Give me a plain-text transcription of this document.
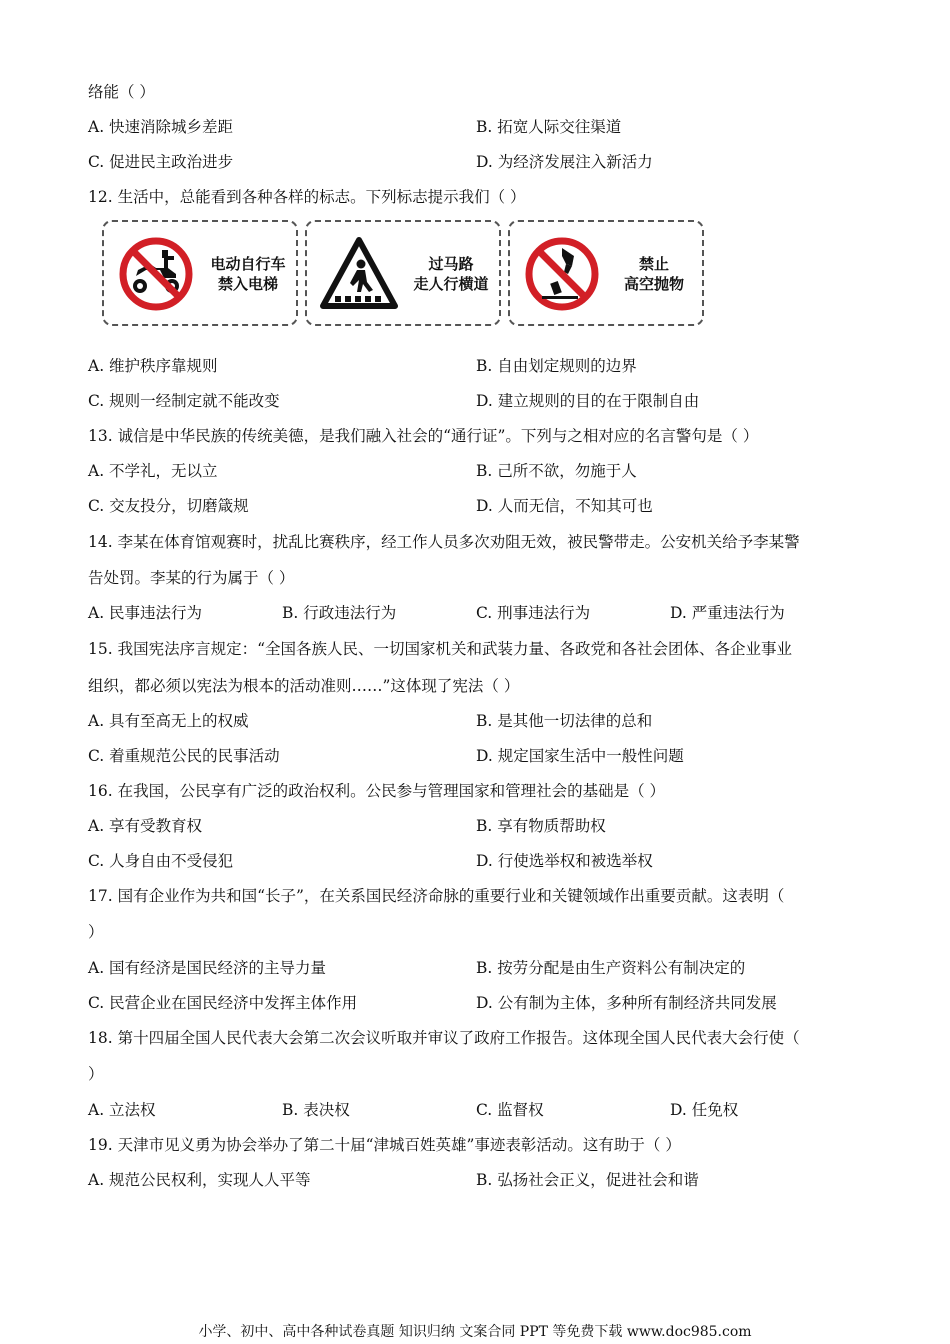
络能（ ）
A. 快速消除城乡差距	B. 拓宽人际交往渠道
C. 促进民主政治进步	D. 为经济发展注入新活力
12. 生活中，总能看到各种各样的标志。下列标志提示我们（ ）
A. 维护秩序靠规则	B. 自由划定规则的边界
C. 规则一经制定就不能改变	D. 建立规则的目的在于限制自由
13. 诚信是中华民族的传统美德，是我们融入社会的“通行证”。下列与之相对应的名言警句是（ ）
A. 不学礼，无以立	B. 己所不欲，勿施于人
C. 交友投分，切磨箴规	D. 人而无信，不知其可也
14. 李某在体育馆观赛时，扰乱比赛秩序，经工作人员多次劝阻无效，被民警带走。公安机关给予李某警
告处罚。李某的行为属于（ ）
A. 民事违法行为	B. 行政违法行为	C. 刑事违法行为	D. 严重违法行为
15. 我国宪法序言规定：“全国各族人民、一切国家机关和武装力量、各政党和各社会团体、各企业事业
组织，都必须以宪法为根本的活动准则……”这体现了宪法（ ）
A. 具有至高无上的权威	B. 是其他一切法律的总和
C. 着重规范公民的民事活动	D. 规定国家生活中一般性问题
16. 在我国，公民享有广泛的政治权利。公民参与管理国家和管理社会的基础是（ ）
A. 享有受教育权	B. 享有物质帮助权
C. 人身自由不受侵犯	D. 行使选举权和被选举权
17. 国有企业作为共和国“长子”，在关系国民经济命脉的重要行业和关键领域作出重要贡献。这表明（
）
A. 国有经济是国民经济的主导力量	B. 按劳分配是由生产资料公有制决定的
C. 民营企业在国民经济中发挥主体作用	D. 公有制为主体，多种所有制经济共同发展
18. 第十四届全国人民代表大会第二次会议听取并审议了政府工作报告。这体现全国人民代表大会行使（
）
A. 立法权	B. 表决权	C. 监督权	D. 任免权
19. 天津市见义勇为协会举办了第二十届“津城百姓英雄”事迹表彰活动。这有助于（ ）
A. 规范公民权利，实现人人平等	B. 弘扬社会正义，促进社会和谐
电动自行车
禁入电梯
过马路
走人行横道
禁止
高空抛物
小学、初中、高中各种试卷真题 知识归纳 文案合同 PPT 等免费下载 www.doc985.com
